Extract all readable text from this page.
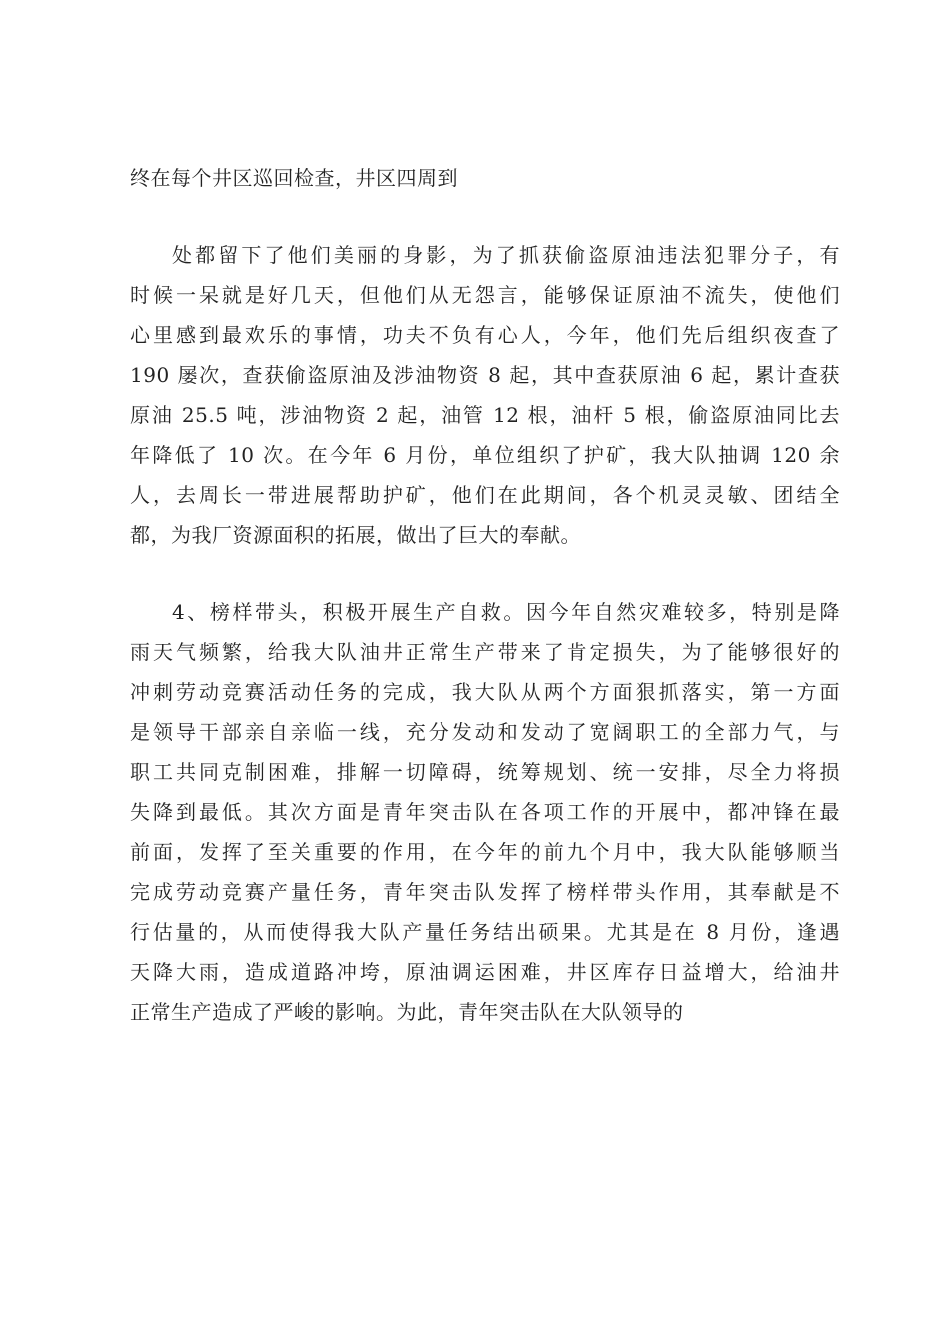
终在每个井区巡回检查，井区四周到
处都留下了他们美丽的身影，为了抓获偷盗原油违法犯罪分子，有
时候一呆就是好几天，但他们从无怨言，能够保证原油不流失，使他们
心里感到最欢乐的事情，功夫不负有心人，今年，他们先后组织夜查了
190 屡次，查获偷盗原油及涉油物资 8 起，其中查获原油 6 起，累计查获
原油 25.5 吨，涉油物资 2 起，油管 12 根，油杆 5 根，偷盗原油同比去
年降低了 10 次。在今年 6 月份，单位组织了护矿，我大队抽调 120 余
人，去周长一带进展帮助护矿，他们在此期间，各个机灵灵敏、团结全
都，为我厂资源面积的拓展，做出了巨大的奉献。
4、榜样带头，积极开展生产自救。因今年自然灾难较多，特别是降
雨天气频繁，给我大队油井正常生产带来了肯定损失，为了能够很好的
冲刺劳动竞赛活动任务的完成，我大队从两个方面狠抓落实，第一方面
是领导干部亲自亲临一线，充分发动和发动了宽阔职工的全部力气，与
职工共同克制困难，排解一切障碍，统筹规划、统一安排，尽全力将损
失降到最低。其次方面是青年突击队在各项工作的开展中，都冲锋在最
前面，发挥了至关重要的作用，在今年的前九个月中，我大队能够顺当
完成劳动竞赛产量任务，青年突击队发挥了榜样带头作用，其奉献是不
行估量的，从而使得我大队产量任务结出硕果。尤其是在 8 月份，逢遇
天降大雨，造成道路冲垮，原油调运困难，井区库存日益增大，给油井
正常生产造成了严峻的影响。为此，青年突击队在大队领导的
